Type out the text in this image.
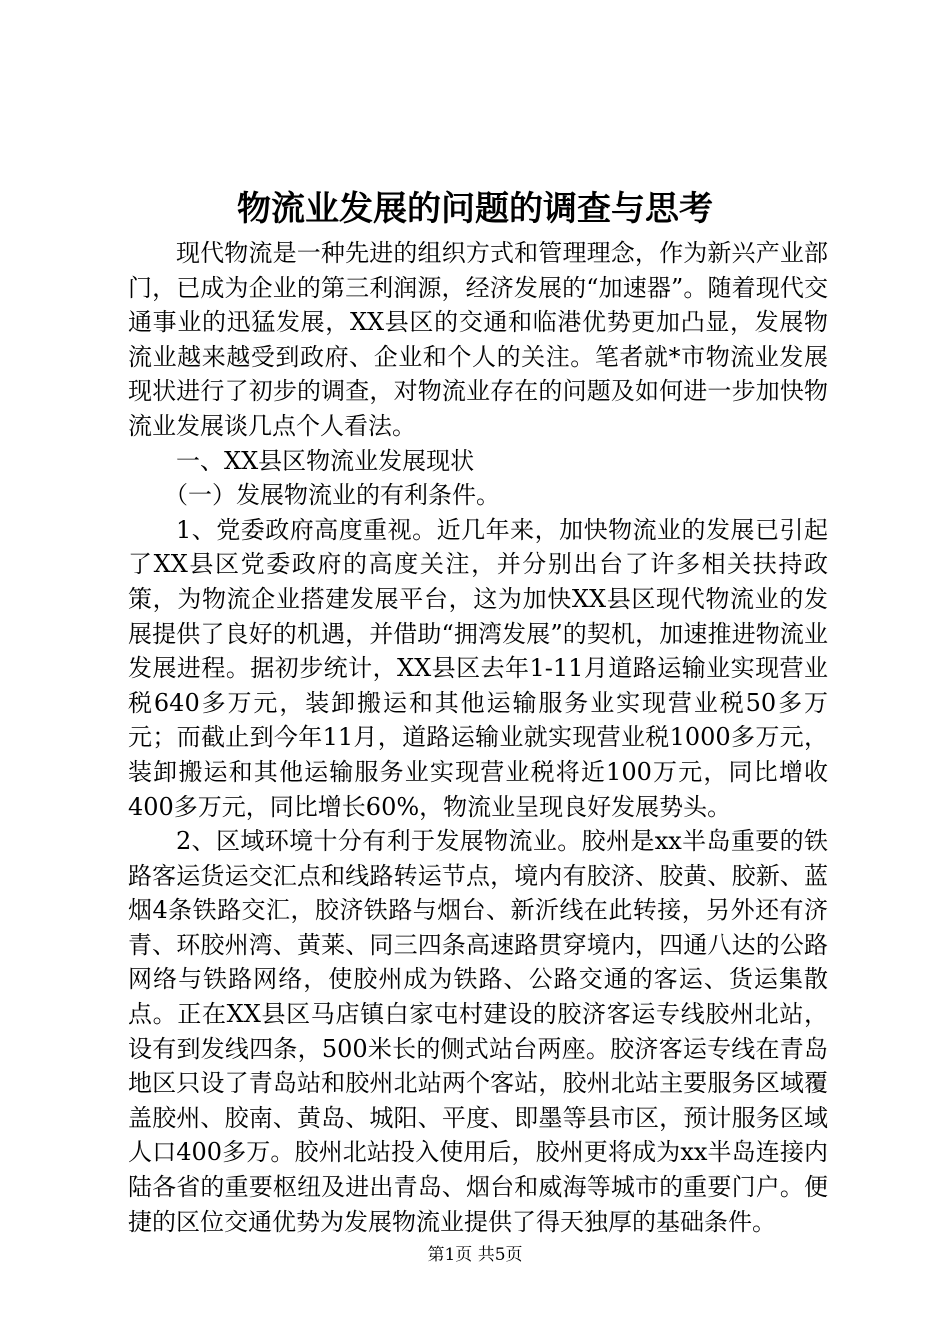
物流业发展的问题的调查与思考

现代物流是一种先进的组织方式和管理理念，作为新兴产业部门，已成为企业的第三利润源，经济发展的“加速器”。随着现代交通事业的迅猛发展，XX县区的交通和临港优势更加凸显，发展物流业越来越受到政府、企业和个人的关注。笔者就*市物流业发展现状进行了初步的调查，对物流业存在的问题及如何进一步加快物流业发展谈几点个人看法。

一、XX县区物流业发展现状

（一）发展物流业的有利条件。

1、党委政府高度重视。近几年来，加快物流业的发展已引起了XX县区党委政府的高度关注，并分别出台了许多相关扶持政策，为物流企业搭建发展平台，这为加快XX县区现代物流业的发展提供了良好的机遇，并借助“拥湾发展”的契机，加速推进物流业发展进程。据初步统计，XX县区去年1-11月道路运输业实现营业税640多万元，装卸搬运和其他运输服务业实现营业税50多万元；而截止到今年11月，道路运输业就实现营业税1000多万元，装卸搬运和其他运输服务业实现营业税将近100万元，同比增收400多万元，同比增长60%，物流业呈现良好发展势头。

2、区域环境十分有利于发展物流业。胶州是xx半岛重要的铁路客运货运交汇点和线路转运节点，境内有胶济、胶黄、胶新、蓝烟4条铁路交汇，胶济铁路与烟台、新沂线在此转接，另外还有济青、环胶州湾、黄莱、同三四条高速路贯穿境内，四通八达的公路网络与铁路网络，使胶州成为铁路、公路交通的客运、货运集散点。正在XX县区马店镇白家屯村建设的胶济客运专线胶州北站，设有到发线四条，500米长的侧式站台两座。胶济客运专线在青岛地区只设了青岛站和胶州北站两个客站，胶州北站主要服务区域覆盖胶州、胶南、黄岛、城阳、平度、即墨等县市区，预计服务区域人口400多万。胶州北站投入使用后，胶州更将成为xx半岛连接内陆各省的重要枢纽及进出青岛、烟台和威海等城市的重要门户。便捷的区位交通优势为发展物流业提供了得天独厚的基础条件。

第1页 共5页
